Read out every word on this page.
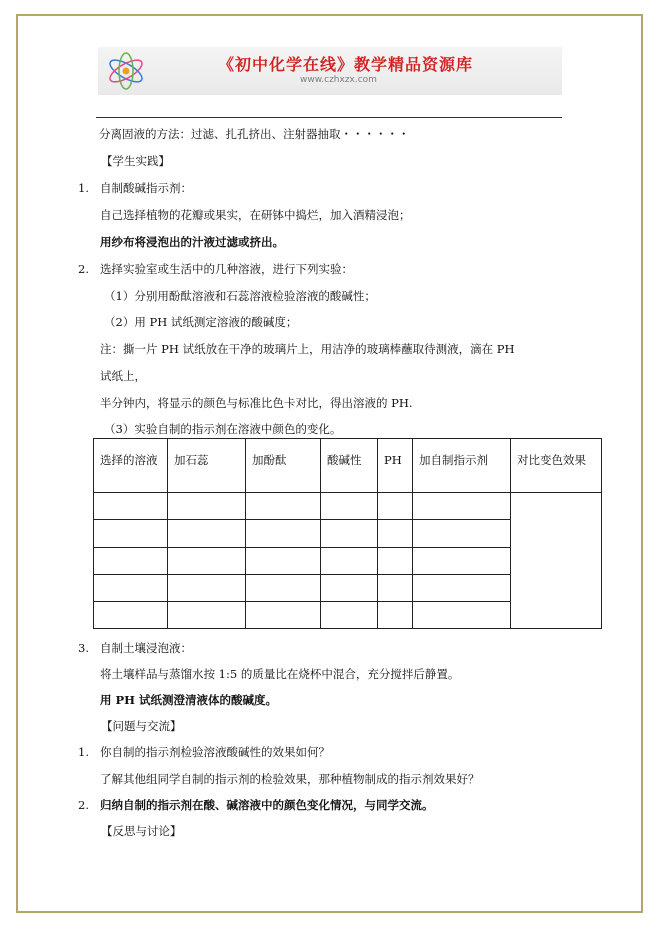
《初中化学在线》教学精品资源库
www.czhxzx.com
分离固液的方法：过滤、扎孔挤出、注射器抽取・・・・・・
【学生实践】
1. 自制酸碱指示剂：
自己选择植物的花瓣或果实，在研钵中捣烂，加入酒精浸泡；
用纱布将浸泡出的汁液过滤或挤出。
2. 选择实验室或生活中的几种溶液，进行下列实验：
（1）分别用酚酞溶液和石蕊溶液检验溶液的酸碱性；
（2）用 PH 试纸测定溶液的酸碱度；
注：撕一片 PH 试纸放在干净的玻璃片上，用洁净的玻璃棒蘸取待测液，滴在 PH
试纸上，
半分钟内，将显示的颜色与标准比色卡对比，得出溶液的 PH.
（3）实验自制的指示剂在溶液中颜色的变化。
选择的溶液	加石蕊	加酚酞	酸碱性	PH	加自制指示剂	对比变色效果

3. 自制土壤浸泡液：
将土壤样品与蒸馏水按 1:5 的质量比在烧杯中混合，充分搅拌后静置。
用 PH 试纸测澄清液体的酸碱度。
【问题与交流】
1. 你自制的指示剂检验溶液酸碱性的效果如何？
了解其他组同学自制的指示剂的检验效果，那种植物制成的指示剂效果好？
2. 归纳自制的指示剂在酸、碱溶液中的颜色变化情况，与同学交流。
【反思与讨论】
